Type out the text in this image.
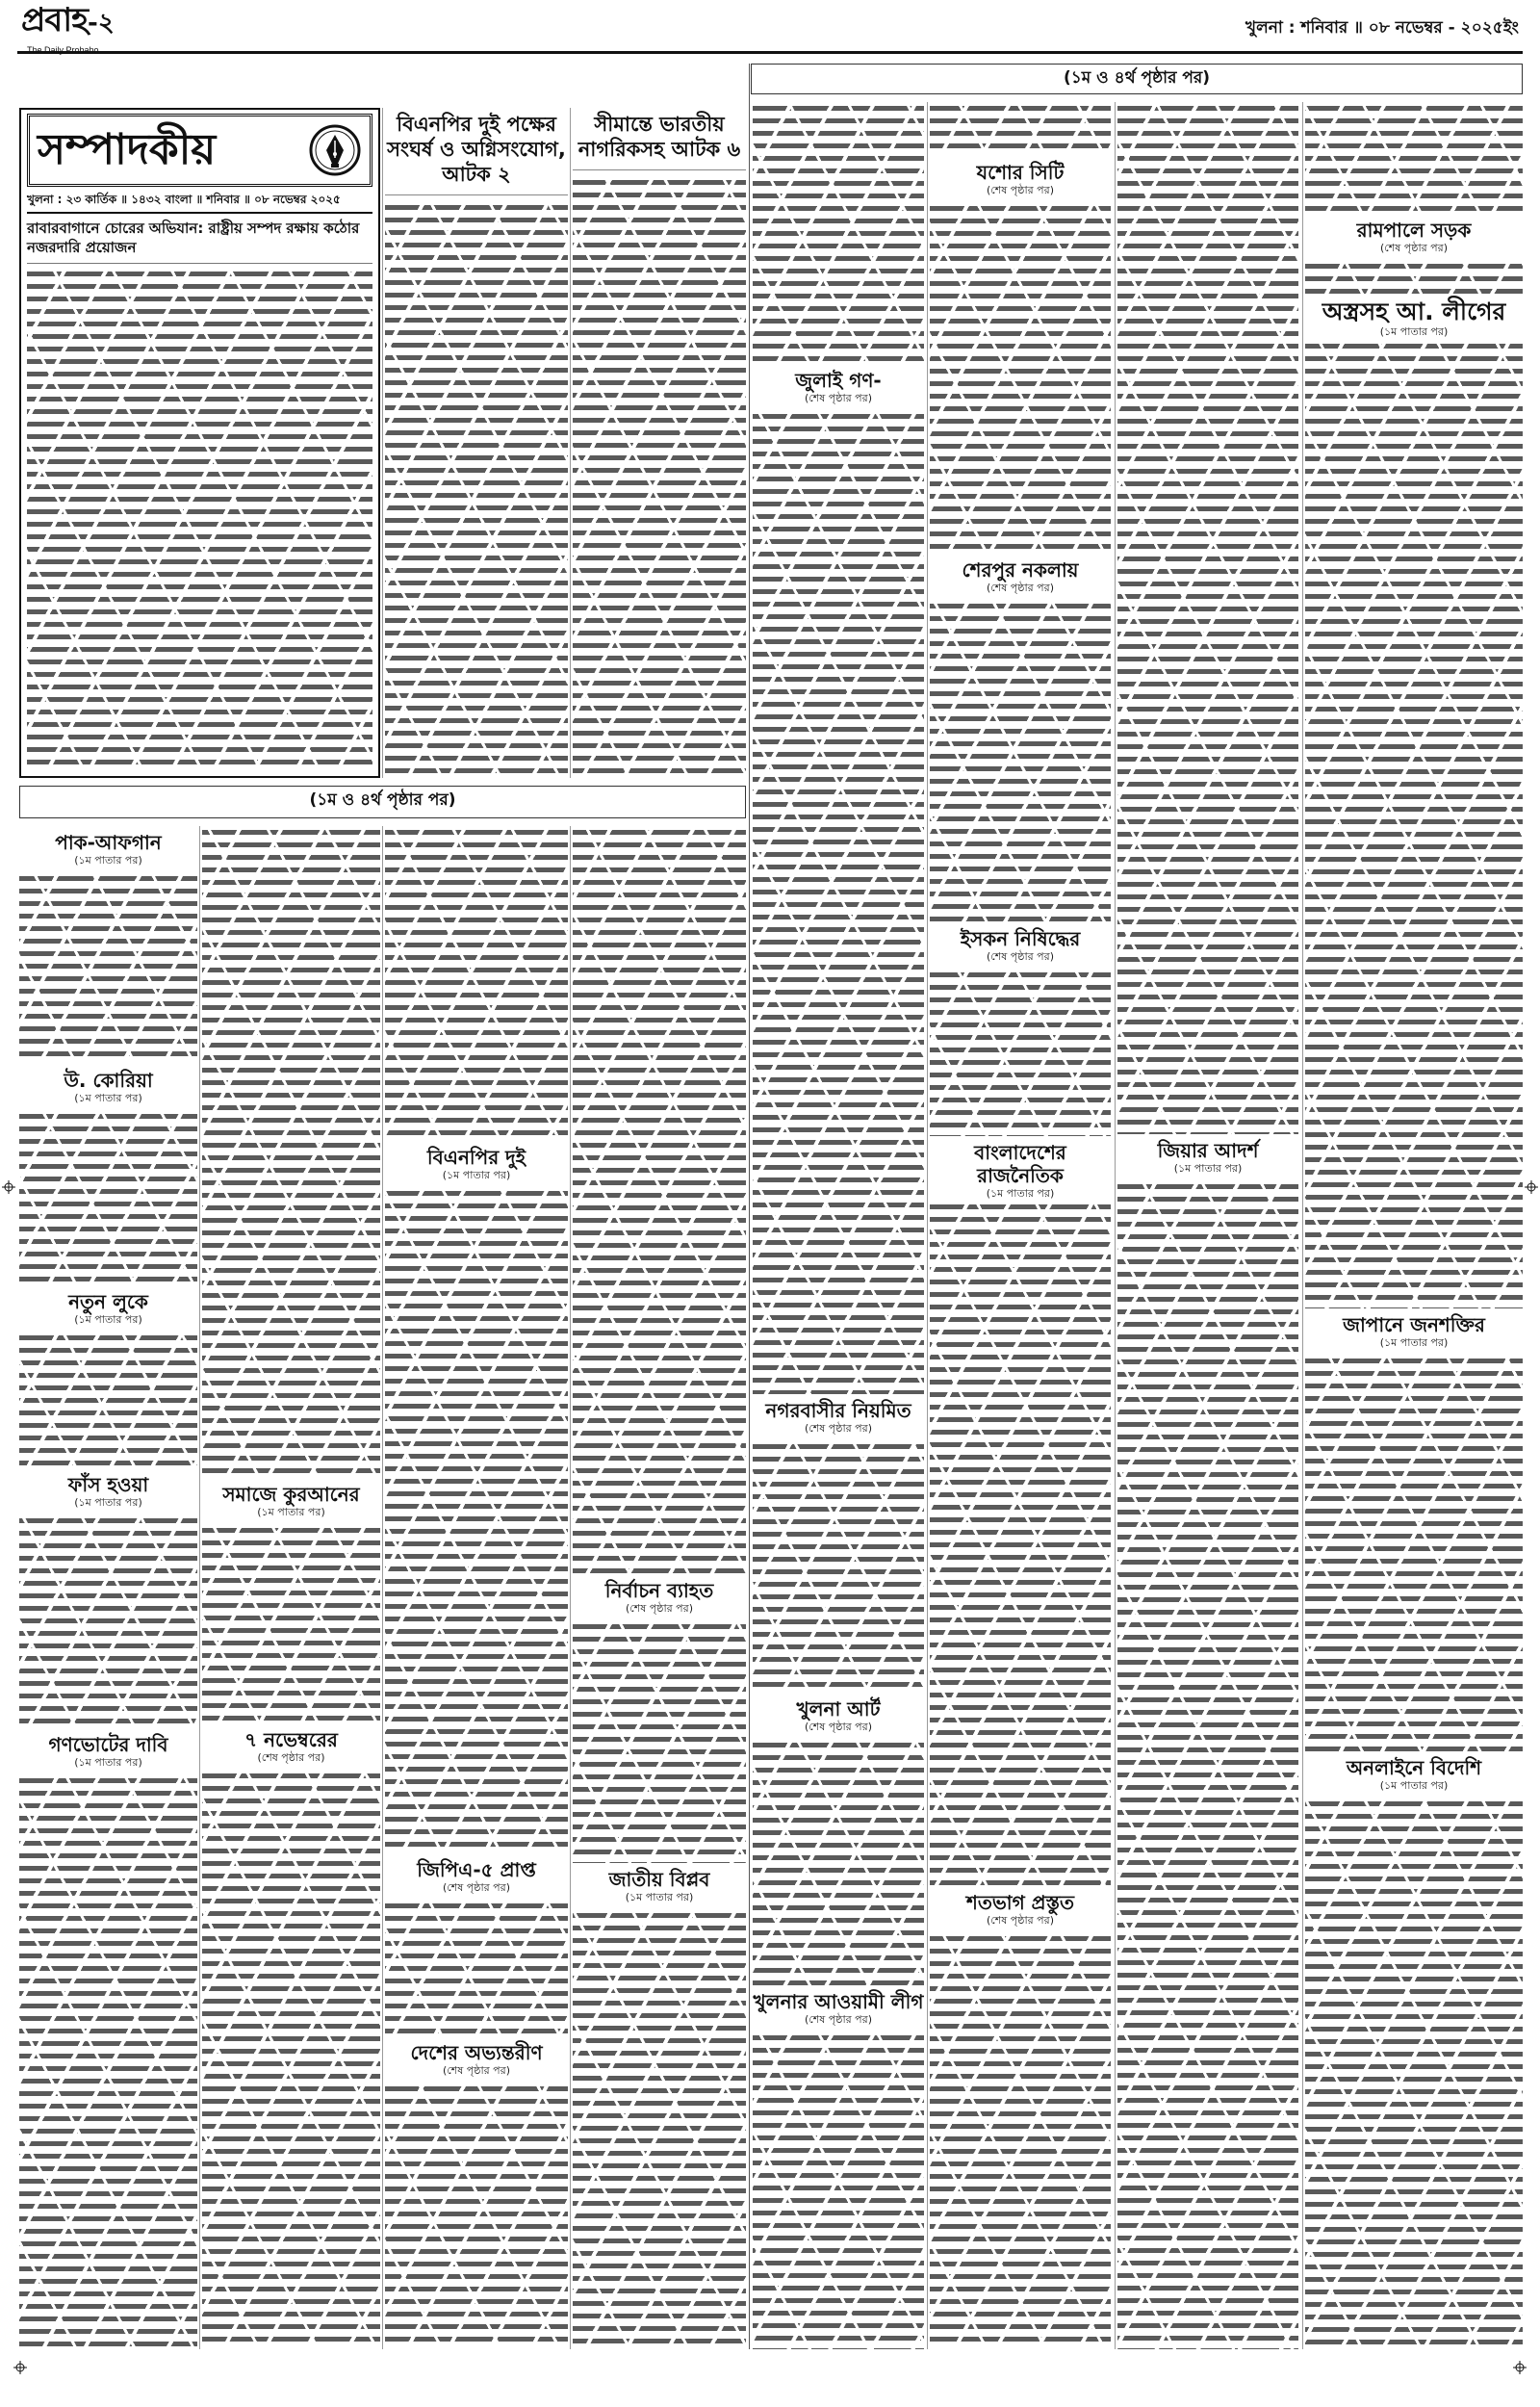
প্রবাহ-২
The Daily Probaho
খুলনা : শনিবার ॥ ০৮ নভেম্বর - ২০২৫ইং
(১ম ও ৪র্থ পৃষ্ঠার পর)
সম্পাদকীয়
খুলনা : ২৩ কার্তিক ॥ ১৪৩২ বাংলা ॥ শনিবার ॥ ০৮ নভেম্বর ২০২৫
রাবারবাগানে চোরের অভিযান: রাষ্ট্রীয় সম্পদ রক্ষায় কঠোর নজরদারি প্রয়োজন
বিএনপির দুই পক্ষের সংঘর্ষ ও অগ্নিসংযোগ, আটক ২
সীমান্তে ভারতীয় নাগরিকসহ আটক ৬
(১ম ও ৪র্থ পৃষ্ঠার পর)
পাক-আফগান
(১ম পাতার পর)
উ. কোরিয়া
(১ম পাতার পর)
নতুন লুকে
(১ম পাতার পর)
ফাঁস হওয়া
(১ম পাতার পর)
গণভোটের দাবি
(১ম পাতার পর)
সমাজে কুরআনের
(১ম পাতার পর)
৭ নভেম্বরের
(শেষ পৃষ্ঠার পর)
বিএনপির দুই
(১ম পাতার পর)
জিপিএ-৫ প্রাপ্ত
(শেষ পৃষ্ঠার পর)
দেশের অভ্যন্তরীণ
(শেষ পৃষ্ঠার পর)
নির্বাচন ব্যাহত
(শেষ পৃষ্ঠার পর)
জাতীয় বিপ্লব
(১ম পাতার পর)
জুলাই গণ-
(শেষ পৃষ্ঠার পর)
নগরবাসীর নিয়মিত
(শেষ পৃষ্ঠার পর)
খুলনা আর্ট
(শেষ পৃষ্ঠার পর)
খুলনার আওয়ামী লীগ
(শেষ পৃষ্ঠার পর)
যশোর সিটি
(শেষ পৃষ্ঠার পর)
শেরপুর নকলায়
(শেষ পৃষ্ঠার পর)
ইসকন নিষিদ্ধের
(শেষ পৃষ্ঠার পর)
বাংলাদেশের রাজনৈতিক
(১ম পাতার পর)
শতভাগ প্রস্তুত
(শেষ পৃষ্ঠার পর)
জিয়ার আদর্শ
(১ম পাতার পর)
রামপালে সড়ক
(শেষ পৃষ্ঠার পর)
অস্ত্রসহ আ. লীগের
(১ম পাতার পর)
জাপানে জনশক্তির
(১ম পাতার পর)
অনলাইনে বিদেশি
(১ম পাতার পর)
